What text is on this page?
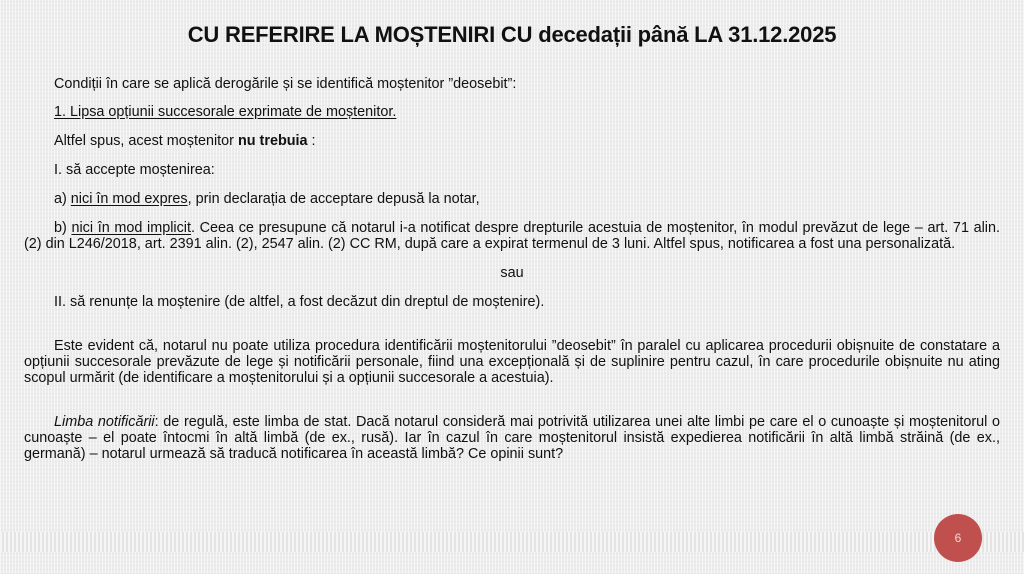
CU REFERIRE LA MOȘTENIRI CU decedații până LA 31.12.2025

Condiții în care se aplică derogările și se identifică moștenitor ”deosebit”:

1. Lipsa opțiunii succesorale exprimate de moștenitor.

Altfel spus, acest moștenitor nu trebuia :

I. să accepte moștenirea:

a) nici în mod expres, prin declarația de acceptare depusă la notar,

b) nici în mod implicit. Ceea ce presupune că notarul i-a notificat despre drepturile acestuia de moștenitor, în modul prevăzut de lege – art. 71 alin. (2) din L246/2018, art. 2391 alin. (2), 2547 alin. (2) CC RM, după care a expirat termenul de 3 luni. Altfel spus, notificarea a fost una personalizată.

sau

II. să renunțe la moștenire (de altfel, a fost decăzut din dreptul de moștenire).

Este evident că, notarul nu poate utiliza procedura identificării moștenitorului ”deosebit” în paralel cu aplicarea procedurii obișnuite de constatare a opțiunii succesorale prevăzute de lege și notificării personale, fiind una excepțională și de suplinire pentru cazul, în care procedurile obișnuite nu ating scopul urmărit (de identificare a moștenitorului și a opțiunii succesorale a acestuia).

Limba notificării: de regulă, este limba de stat. Dacă notarul consideră mai potrivită utilizarea unei alte limbi pe care el o cunoaște și moștenitorul o cunoaște – el poate întocmi în altă limbă (de ex., rusă). Iar în cazul în care moștenitorul insistă expedierea notificării în altă limbă străină (de ex., germană) – notarul urmează să traducă notificarea în această limbă? Ce opinii sunt?

6
